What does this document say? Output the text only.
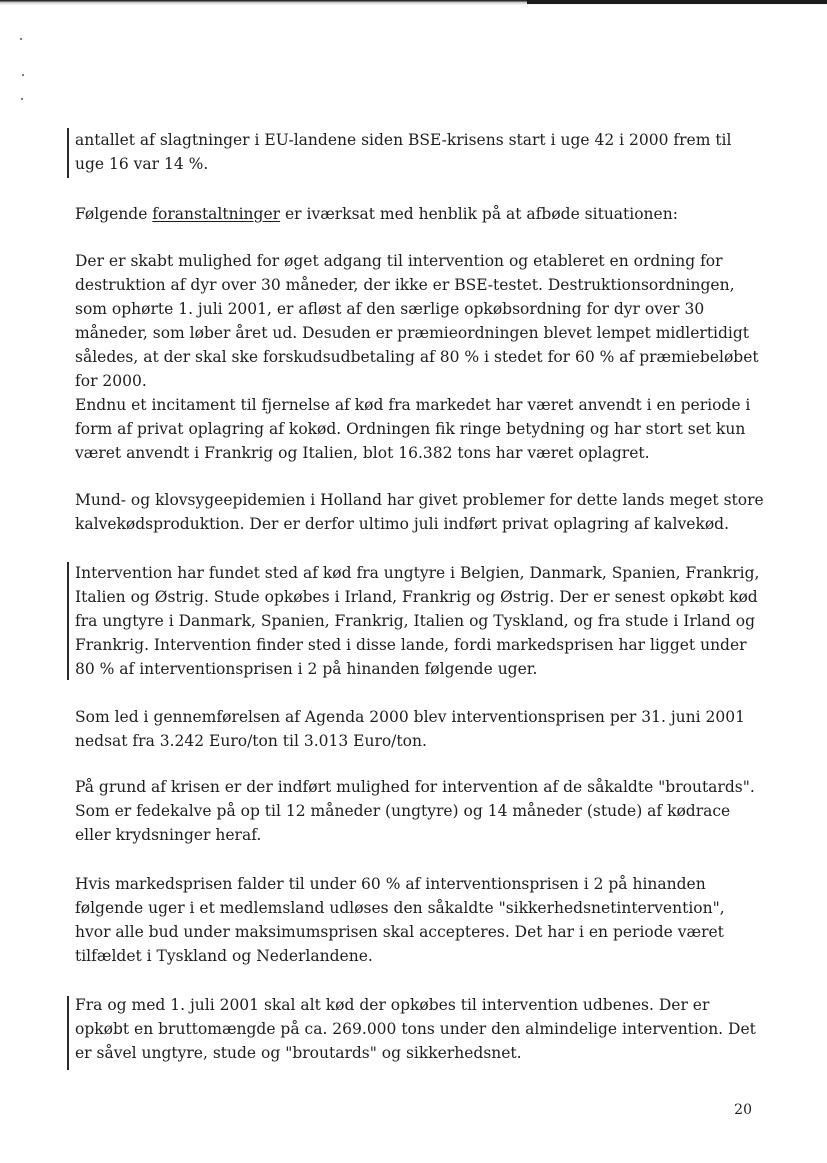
antallet af slagtninger i EU-landene siden BSE-krisens start i uge 42 i 2000 frem til uge 16 var 14 %.

Følgende foranstaltninger er iværksat med henblik på at afbøde situationen:

Der er skabt mulighed for øget adgang til intervention og etableret en ordning for destruktion af dyr over 30 måneder, der ikke er BSE-testet. Destruktionsordningen, som ophørte 1. juli 2001, er afløst af den særlige opkøbsordning for dyr over 30 måneder, som løber året ud. Desuden er præmieordningen blevet lempet midlertidigt således, at der skal ske forskudsudbetaling af 80 % i stedet for 60 % af præmiebeløbet for 2000.

Endnu et incitament til fjernelse af kød fra markedet har været anvendt i en periode i form af privat oplagring af kokød. Ordningen fik ringe betydning og har stort set kun været anvendt i Frankrig og Italien, blot 16.382 tons har været oplagret.

Mund- og klovsygeepidemien i Holland har givet problemer for dette lands meget store kalvekødsproduktion. Der er derfor ultimo juli indført privat oplagring af kalvekød.

Intervention har fundet sted af kød fra ungtyre i Belgien, Danmark, Spanien, Frankrig, Italien og Østrig. Stude opkøbes i Irland, Frankrig og Østrig. Der er senest opkøbt kød fra ungtyre i Danmark, Spanien, Frankrig, Italien og Tyskland, og fra stude i Irland og Frankrig. Intervention finder sted i disse lande, fordi markedsprisen har ligget under 80 % af interventionsprisen i 2 på hinanden følgende uger.

Som led i gennemførelsen af Agenda 2000 blev interventionsprisen per 31. juni 2001 nedsat fra 3.242 Euro/ton til 3.013 Euro/ton.

På grund af krisen er der indført mulighed for intervention af de såkaldte "broutards". Som er fedekalve på op til 12 måneder (ungtyre) og 14 måneder (stude) af kødrace eller krydsninger heraf.

Hvis markedsprisen falder til under 60 % af interventionsprisen i 2 på hinanden følgende uger i et medlemsland udløses den såkaldte "sikkerhedsnetintervention", hvor alle bud under maksimumsprisen skal accepteres. Det har i en periode været tilfældet i Tyskland og Nederlandene.

Fra og med 1. juli 2001 skal alt kød der opkøbes til intervention udbenes. Der er opkøbt en bruttomængde på ca. 269.000 tons under den almindelige intervention. Det er såvel ungtyre, stude og "broutards" og sikkerhedsnet.

20
